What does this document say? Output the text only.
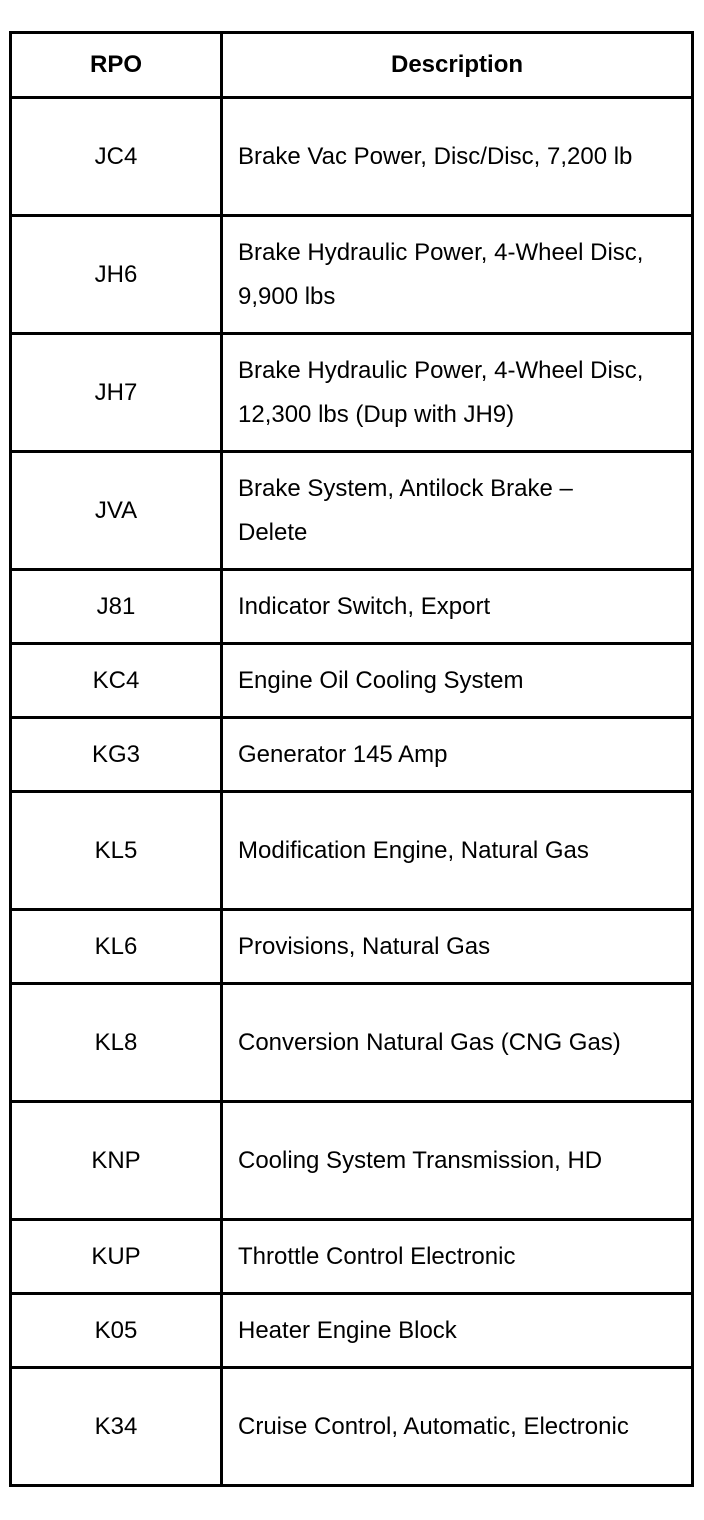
RPO	Description
JC4	Brake Vac Power, Disc/Disc, 7,200 lb
JH6	Brake Hydraulic Power, 4-Wheel Disc, 9,900 lbs
JH7	Brake Hydraulic Power, 4-Wheel Disc, 12,300 lbs (Dup with JH9)
JVA	Brake System, Antilock Brake – Delete
J81	Indicator Switch, Export
KC4	Engine Oil Cooling System
KG3	Generator 145 Amp
KL5	Modification Engine, Natural Gas
KL6	Provisions, Natural Gas
KL8	Conversion Natural Gas (CNG Gas)
KNP	Cooling System Transmission, HD
KUP	Throttle Control Electronic
K05	Heater Engine Block
K34	Cruise Control, Automatic, Electronic
